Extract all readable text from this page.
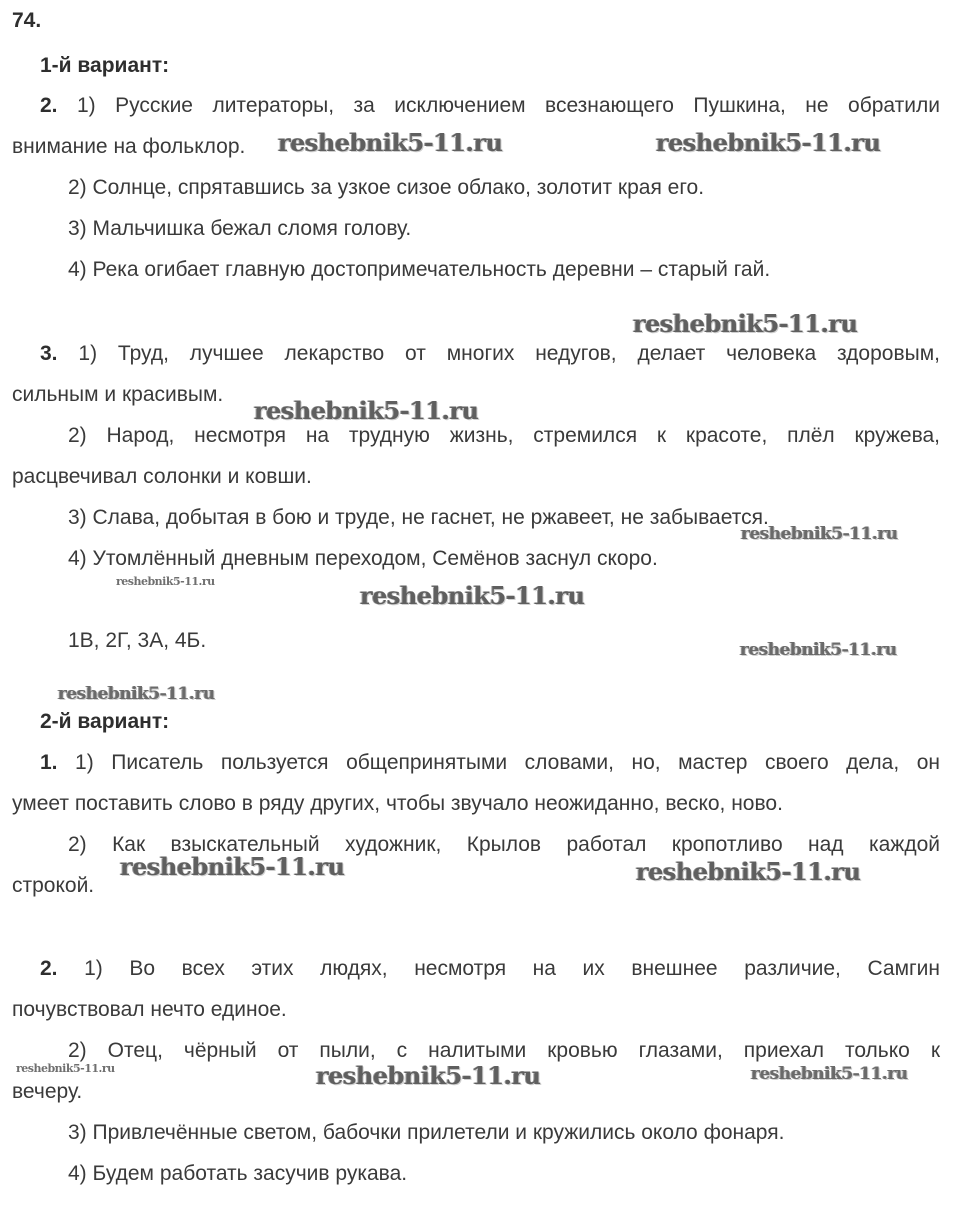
74.
1-й вариант:
2. 1) Русские литераторы, за исключением всезнающего Пушкина, не обратили
внимание на фольклор.
2) Солнце, спрятавшись за узкое сизое облако, золотит края его.
3) Мальчишка бежал сломя голову.
4) Река огибает главную достопримечательность деревни – старый гай.
3. 1) Труд, лучшее лекарство от многих недугов, делает человека здоровым,
сильным и красивым.
2) Народ, несмотря на трудную жизнь, стремился к красоте, плёл кружева,
расцвечивал солонки и ковши.
3) Слава, добытая в бою и труде, не гаснет, не ржавеет, не забывается.
4) Утомлённый дневным переходом, Семёнов заснул скоро.
1В, 2Г, 3А, 4Б.
2-й вариант:
1. 1) Писатель пользуется общепринятыми словами, но, мастер своего дела, он
умеет поставить слово в ряду других, чтобы звучало неожиданно, веско, ново.
2) Как взыскательный художник, Крылов работал кропотливо над каждой
строкой.
2. 1) Во всех этих людях, несмотря на их внешнее различие, Самгин
почувствовал нечто единое.
2) Отец, чёрный от пыли, с налитыми кровью глазами, приехал только к
вечеру.
3) Привлечённые светом, бабочки прилетели и кружились около фонаря.
4) Будем работать засучив рукава.
reshebnik5-11.ru	reshebnik5-11.ru
reshebnik5-11.ru
reshebnik5-11.ru
reshebnik5-11.ru
reshebnik5-11.ru	reshebnik5-11.ru
reshebnik5-11.ru
reshebnik5-11.ru
reshebnik5-11.ru	reshebnik5-11.ru
reshebnik5-11.ru	reshebnik5-11.ru	reshebnik5-11.ru
